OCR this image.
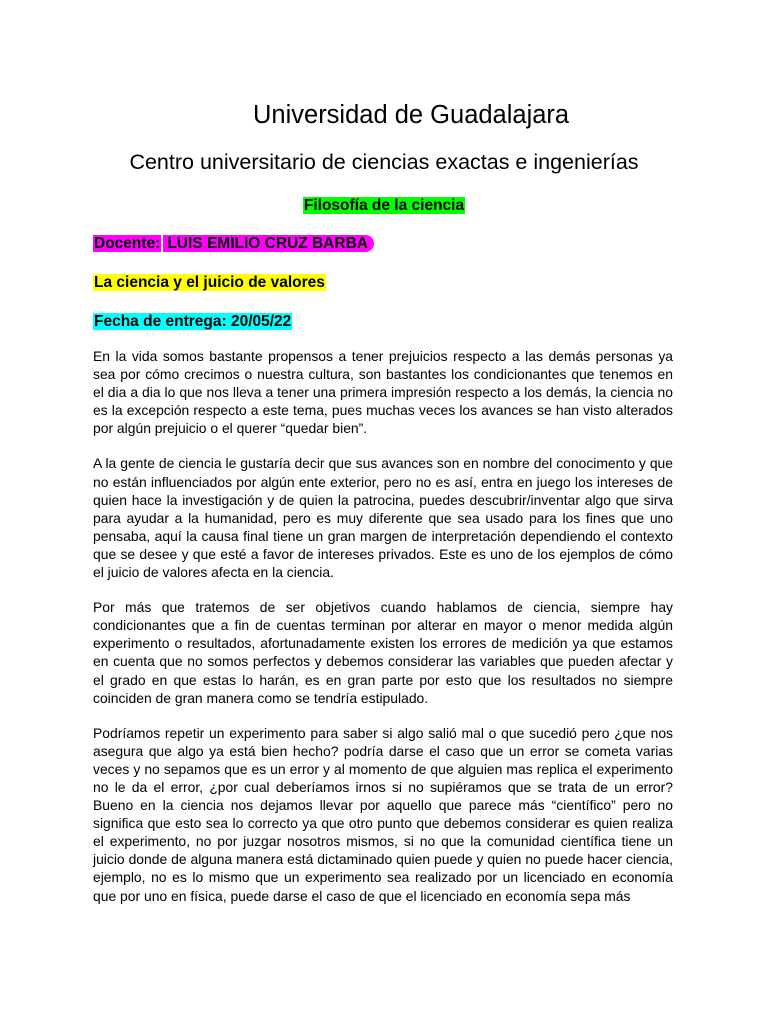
Universidad de Guadalajara
Centro universitario de ciencias exactas e ingenierías
Filosofía de la ciencia
Docente: LUIS EMILIO CRUZ BARBA
La ciencia y el juicio de valores
Fecha de entrega: 20/05/22

En la vida somos bastante propensos a tener prejuicios respecto a las demás personas ya sea por cómo crecimos o nuestra cultura, son bastantes los condicionantes que tenemos en el dia a dia lo que nos lleva a tener una primera impresión respecto a los demás, la ciencia no es la excepción respecto a este tema, pues muchas veces los avances se han visto alterados por algún prejuicio o el querer “quedar bien”.

A la gente de ciencia le gustaría decir que sus avances son en nombre del conocimento y que no están influenciados por algún ente exterior, pero no es así, entra en juego los intereses de quien hace la investigación y de quien la patrocina, puedes descubrir/inventar algo que sirva para ayudar a la humanidad, pero es muy diferente que sea usado para los fines que uno pensaba, aquí la causa final tiene un gran margen de interpretación dependiendo el contexto que se desee y que esté a favor de intereses privados. Este es uno de los ejemplos de cómo el juicio de valores afecta en la ciencia.

Por más que tratemos de ser objetivos cuando hablamos de ciencia, siempre hay condicionantes que a fin de cuentas terminan por alterar en mayor o menor medida algún experimento o resultados, afortunadamente existen los errores de medición ya que estamos en cuenta que no somos perfectos y debemos considerar las variables que pueden afectar y el grado en que estas lo harán, es en gran parte por esto que los resultados no siempre coinciden de gran manera como se tendría estipulado.

Podríamos repetir un experimento para saber si algo salió mal o que sucedió pero ¿que nos asegura que algo ya está bien hecho? podría darse el caso que un error se cometa varias veces y no sepamos que es un error y al momento de que alguien mas replica el experimento no le da el error, ¿por cual deberíamos irnos si no supiéramos que se trata de un error? Bueno en la ciencia nos dejamos llevar por aquello que parece más “científico” pero no significa que esto sea lo correcto ya que otro punto que debemos considerar es quien realiza el experimento, no por juzgar nosotros mismos, si no que la comunidad científica tiene un juicio donde de alguna manera está dictaminado quien puede y quien no puede hacer ciencia, ejemplo, no es lo mismo que un experimento sea realizado por un licenciado en economía que por uno en física, puede darse el caso de que el licenciado en economía sepa más
